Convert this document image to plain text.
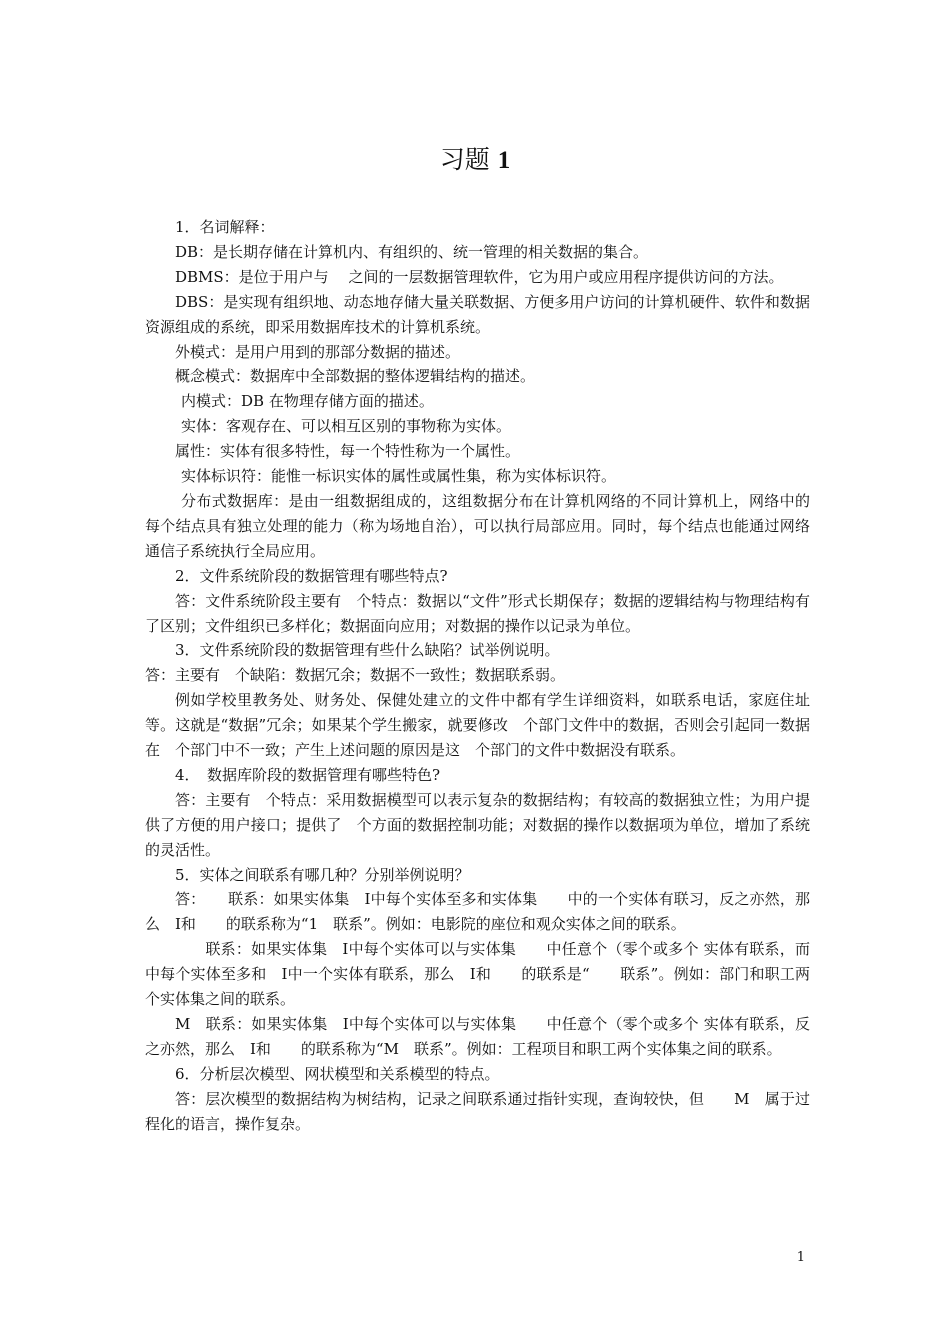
习题 1

1．名词解释：

DB：是长期存储在计算机内、有组织的、统一管理的相关数据的集合。

DBMS：是位于用户与　 之间的一层数据管理软件，它为用户或应用程序提供访问的方法。

DBS：是实现有组织地、动态地存储大量关联数据、方便多用户访问的计算机硬件、软件和数据资源组成的系统，即采用数据库技术的计算机系统。

外模式：是用户用到的那部分数据的描述。

概念模式：数据库中全部数据的整体逻辑结构的描述。

内模式：DB 在物理存储方面的描述。

实体：客观存在、可以相互区别的事物称为实体。

属性：实体有很多特性，每一个特性称为一个属性。

实体标识符：能惟一标识实体的属性或属性集，称为实体标识符。

分布式数据库：是由一组数据组成的，这组数据分布在计算机网络的不同计算机上，网络中的每个结点具有独立处理的能力（称为场地自治），可以执行局部应用。同时，每个结点也能通过网络通信子系统执行全局应用。

2．文件系统阶段的数据管理有哪些特点?

答：文件系统阶段主要有　个特点：数据以“文件”形式长期保存；数据的逻辑结构与物理结构有了区别；文件组织已多样化；数据面向应用；对数据的操作以记录为单位。

3．文件系统阶段的数据管理有些什么缺陷？试举例说明。

答：主要有　个缺陷：数据冗余；数据不一致性；数据联系弱。

例如学校里教务处、财务处、保健处建立的文件中都有学生详细资料，如联系电话，家庭住址等。这就是“数据”冗余；如果某个学生搬家，就要修改　个部门文件中的数据，否则会引起同一数据在　个部门中不一致；产生上述问题的原因是这　个部门的文件中数据没有联系。

4．　数据库阶段的数据管理有哪些特色?

答：主要有　个特点：采用数据模型可以表示复杂的数据结构；有较高的数据独立性；为用户提供了方便的用户接口；提供了　个方面的数据控制功能；对数据的操作以数据项为单位，增加了系统的灵活性。

5．实体之间联系有哪几种？分别举例说明？

答：　　联系：如果实体集　I中每个实体至多和实体集　　中的一个实体有联习，反之亦然，那么　I和　　的联系称为“1　联系”。例如：电影院的座位和观众实体之间的联系。

　　联系：如果实体集　I中每个实体可以与实体集　　中任意个（零个或多个 实体有联系，而　　中每个实体至多和　I中一个实体有联系，那么　I和　　的联系是“　　联系”。例如：部门和职工两个实体集之间的联系。

M　联系：如果实体集　I中每个实体可以与实体集　　中任意个（零个或多个 实体有联系，反之亦然，那么　I和　　的联系称为“M　联系”。例如：工程项目和职工两个实体集之间的联系。

6．分析层次模型、网状模型和关系模型的特点。

答：层次模型的数据结构为树结构，记录之间联系通过指针实现，查询较快，但　　M　属于过程化的语言，操作复杂。

1
